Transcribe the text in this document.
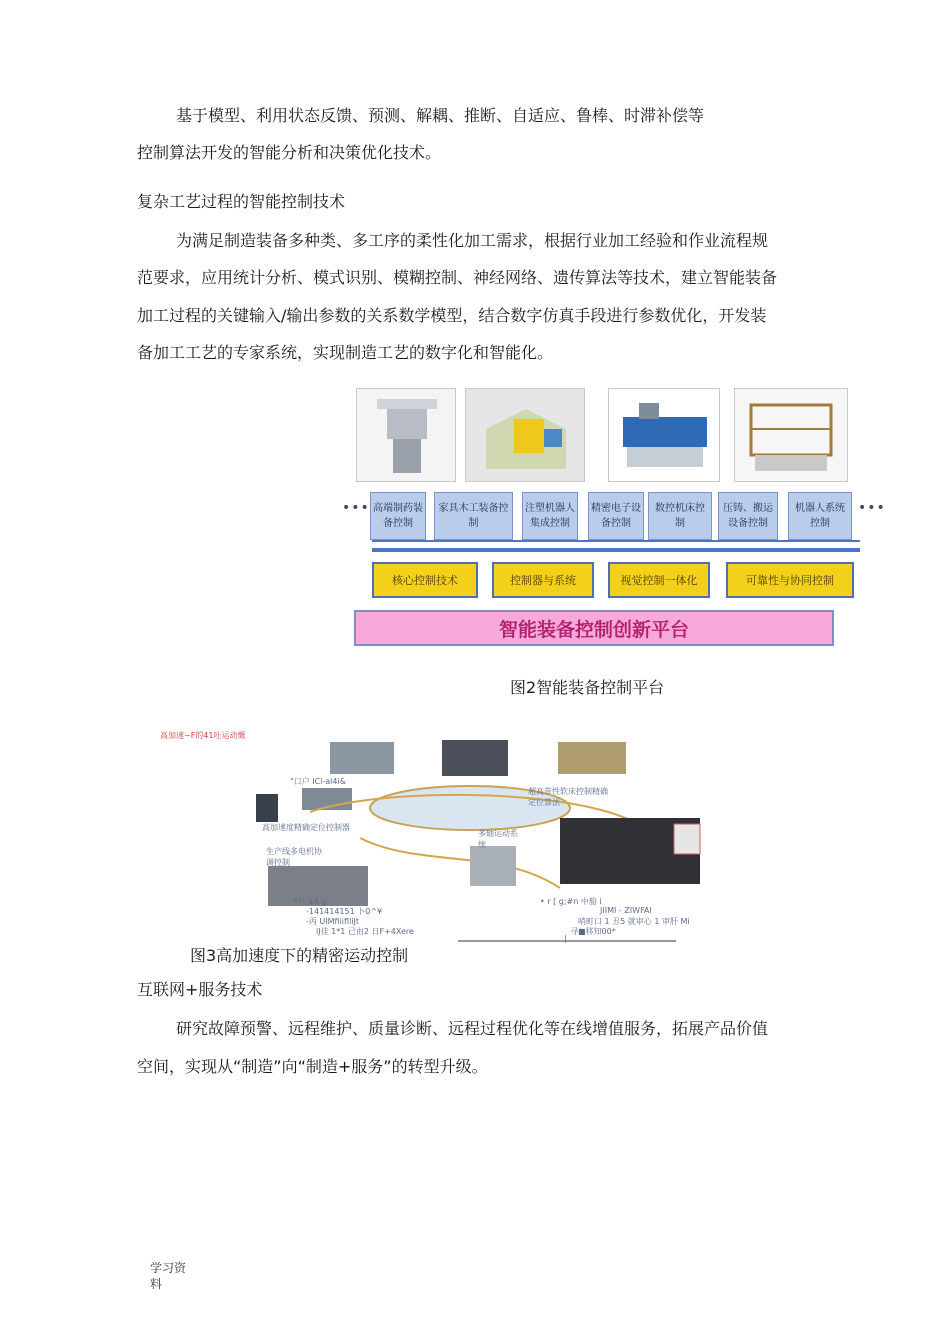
基于模型、利用状态反馈、预测、解耦、推断、自适应、鲁棒、时滞补偿等
控制算法开发的智能分析和决策优化技术。
复杂工艺过程的智能控制技术
为满足制造装备多种类、多工序的柔性化加工需求，根据行业加工经验和作业流程规
范要求，应用统计分析、模式识别、模糊控制、神经网络、遗传算法等技术，建立智能装备
加工过程的关键输入/输出参数的关系数学模型，结合数字仿真手段进行参数优化，开发装
备加工工艺的专家系统，实现制造工艺的数字化和智能化。
•••	•••
高端制药装备控制
家具木工装备控制
注塑机器人集成控制
精密电子设备控制
数控机床控制
压铸、搬运设备控制
机器人系统控制
核心控制技术	控制器与系统	视觉控制一体化	可靠性与协同控制
智能装备控制创新平台
图2智能装备控制平台
高加速~F的41吐运动慨
"口户 ICl-al4i&
高加速度精确定位控制器
超高带性软床控制精确定位算法
生产线多电机协调控制
多轴运动系统
*八 £4.g
-141414151 卜0^¥
-丙 UIMfiiiflliJt
lJ佳 1*1 已由2 日F+4Xere
• r [ g;#n 中船 i
JIIMI - ZIWFAI
哨町口 1 丑5 就审心 1 审肝 Mi
寻■移知00*
|
图3高加速度下的精密运动控制
互联网+服务技术
研究故障预警、远程维护、质量诊断、远程过程优化等在线增值服务，拓展产品价值
空间，实现从“制造”向“制造+服务”的转型升级。
学习资
料
